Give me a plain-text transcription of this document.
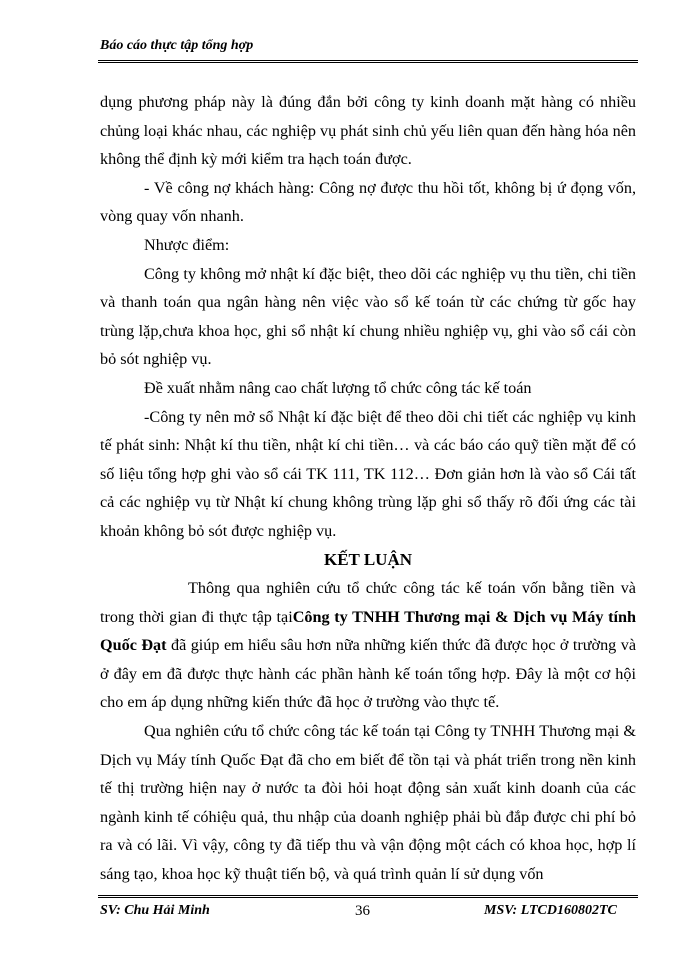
Báo cáo thực tập tổng hợp

dụng phương pháp này là đúng đắn bởi công ty kinh doanh mặt hàng có nhiều chủng loại khác nhau, các nghiệp vụ phát sinh chủ yếu liên quan đến hàng hóa nên không thể định kỳ mới kiểm tra hạch toán được.

- Về công nợ khách hàng: Công nợ được thu hồi tốt, không bị ứ đọng vốn, vòng quay vốn nhanh.

Nhược điểm:

Công ty không mở nhật kí đặc biệt, theo dõi các nghiệp vụ thu tiền, chi tiền và thanh toán qua ngân hàng nên việc vào sổ kế toán từ các chứng từ gốc hay trùng lặp,chưa khoa học, ghi sổ nhật kí chung nhiều nghiệp vụ, ghi vào sổ cái còn bỏ sót nghiệp vụ.

Đề xuất nhằm nâng cao chất lượng tổ chức công tác kế toán

-Công ty nên mở sổ Nhật kí đặc biệt để theo dõi chi tiết các nghiệp vụ kinh tế phát sinh: Nhật kí thu tiền, nhật kí chi tiền… và các báo cáo quỹ tiền mặt để có số liệu tổng hợp ghi vào sổ cái TK 111, TK 112… Đơn giản hơn là vào sổ Cái tất cả các nghiệp vụ từ Nhật kí chung không trùng lặp ghi sổ thấy rõ đối ứng các tài khoản không bỏ sót được nghiệp vụ.

KẾT LUẬN

Thông qua nghiên cứu tổ chức công tác kế toán vốn bằng tiền và trong thời gian đi thực tập tạiCông ty TNHH Thương mại & Dịch vụ Máy tính Quốc Đạt đã giúp em hiểu sâu hơn nữa những kiến thức đã được học ở trường và ở đây em đã được thực hành các phần hành kế toán tổng hợp. Đây là một cơ hội cho em áp dụng những kiến thức đã học ở trường vào thực tế.

Qua nghiên cứu tổ chức công tác kế toán tại Công ty TNHH Thương mại & Dịch vụ Máy tính Quốc Đạt đã cho em biết để tồn tại và phát triển trong nền kinh tế thị trường hiện nay ở nước ta đòi hỏi hoạt động sản xuất kinh doanh của các ngành kinh tế cóhiệu quả, thu nhập của doanh nghiệp phải bù đắp được chi phí bỏ ra và có lãi. Vì vậy, công ty đã tiếp thu và vận động một cách có khoa học, hợp lí sáng tạo, khoa học kỹ thuật tiến bộ, và quá trình quản lí sử dụng vốn

SV: Chu Hải Minh	36	MSV: LTCD160802TC
